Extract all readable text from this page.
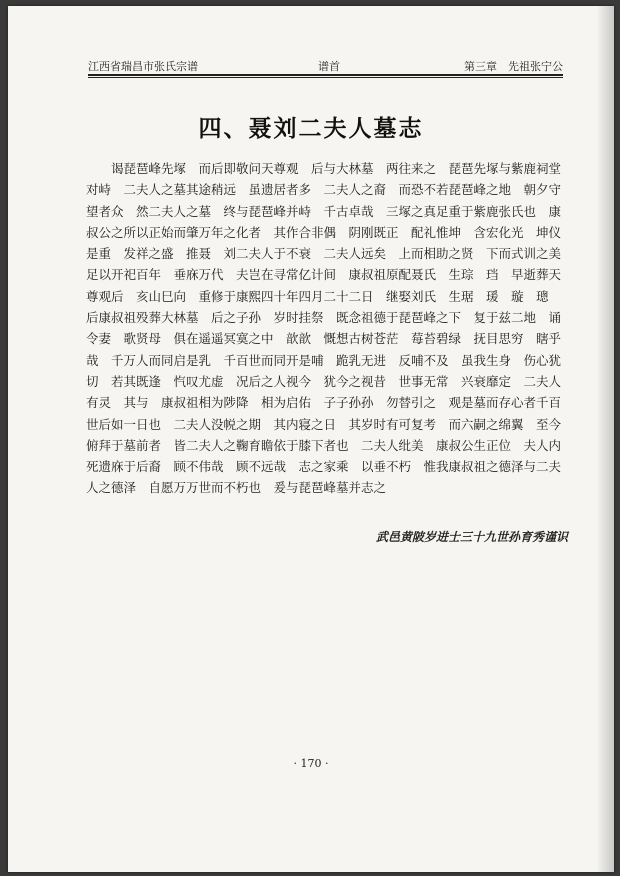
江西省瑞昌市张氏宗谱	谱首	第三章　先祖张宁公
四、聂刘二夫人墓志
　　谒琵琶峰先塚　而后即敬问天尊观　后与大林墓　两往来之　琵琶先塚与紫鹿祠堂
对峙　二夫人之墓其途稍远　虽遗居者多　二夫人之裔　而恐不若琵琶峰之地　朝夕守
望者众　然二夫人之墓　终与琵琶峰并峙　千古卓哉　三塚之真足重于紫鹿张氏也　康
叔公之所以正始而肇万年之化者　其作合非偶　阴刚既正　配礼惟坤　含宏化光　坤仪
是重　发祥之盛　推聂　刘二夫人于不衰　二夫人远矣　上而相助之贤　下而式训之美
足以开祀百年　垂庥万代　夫岂在寻常亿计间　康叔祖原配聂氏　生琮　珰　早逝葬天
尊观后　亥山巳向　重修于康熙四十年四月二十二日　继娶刘氏　生琚　瑗　璇　璁
后康叔祖殁葬大林墓　后之子孙　岁时挂祭　既念祖德于琵琶峰之下　复于兹二地　诵
令妻　歌贤母　俱在遥遥冥寞之中　歆歆　慨想古树苍茫　莓苔碧绿　抚目思穷　瞎乎
哉　千万人而同启是乳　千百世而同开是哺　跪乳无进　反哺不及　虽我生身　伤心犹
切　若其既逢　忾叹尤虚　况后之人视今　犹今之视昔　世事无常　兴衰靡定　二夫人
有灵　其与　康叔祖相为陟降　相为启佑　子子孙孙　勿替引之　观是墓而存心者千百
世后如一日也　二夫人没帨之期　其内寝之日　其岁时有可复考　而六嗣之绵翼　至今
俯拜于墓前者　皆二夫人之鞠育瞻依于膝下者也　二夫人纰美　康叔公生正位　夫人内
死遗庥于后裔　顾不伟哉　顾不远哉　志之家乘　以垂不朽　惟我康叔祖之德泽与二夫
人之德泽　自愿万万世而不朽也　爰与琵琶峰墓并志之
武邑黄陂岁进士三十九世孙育秀谨识
· 170 ·
